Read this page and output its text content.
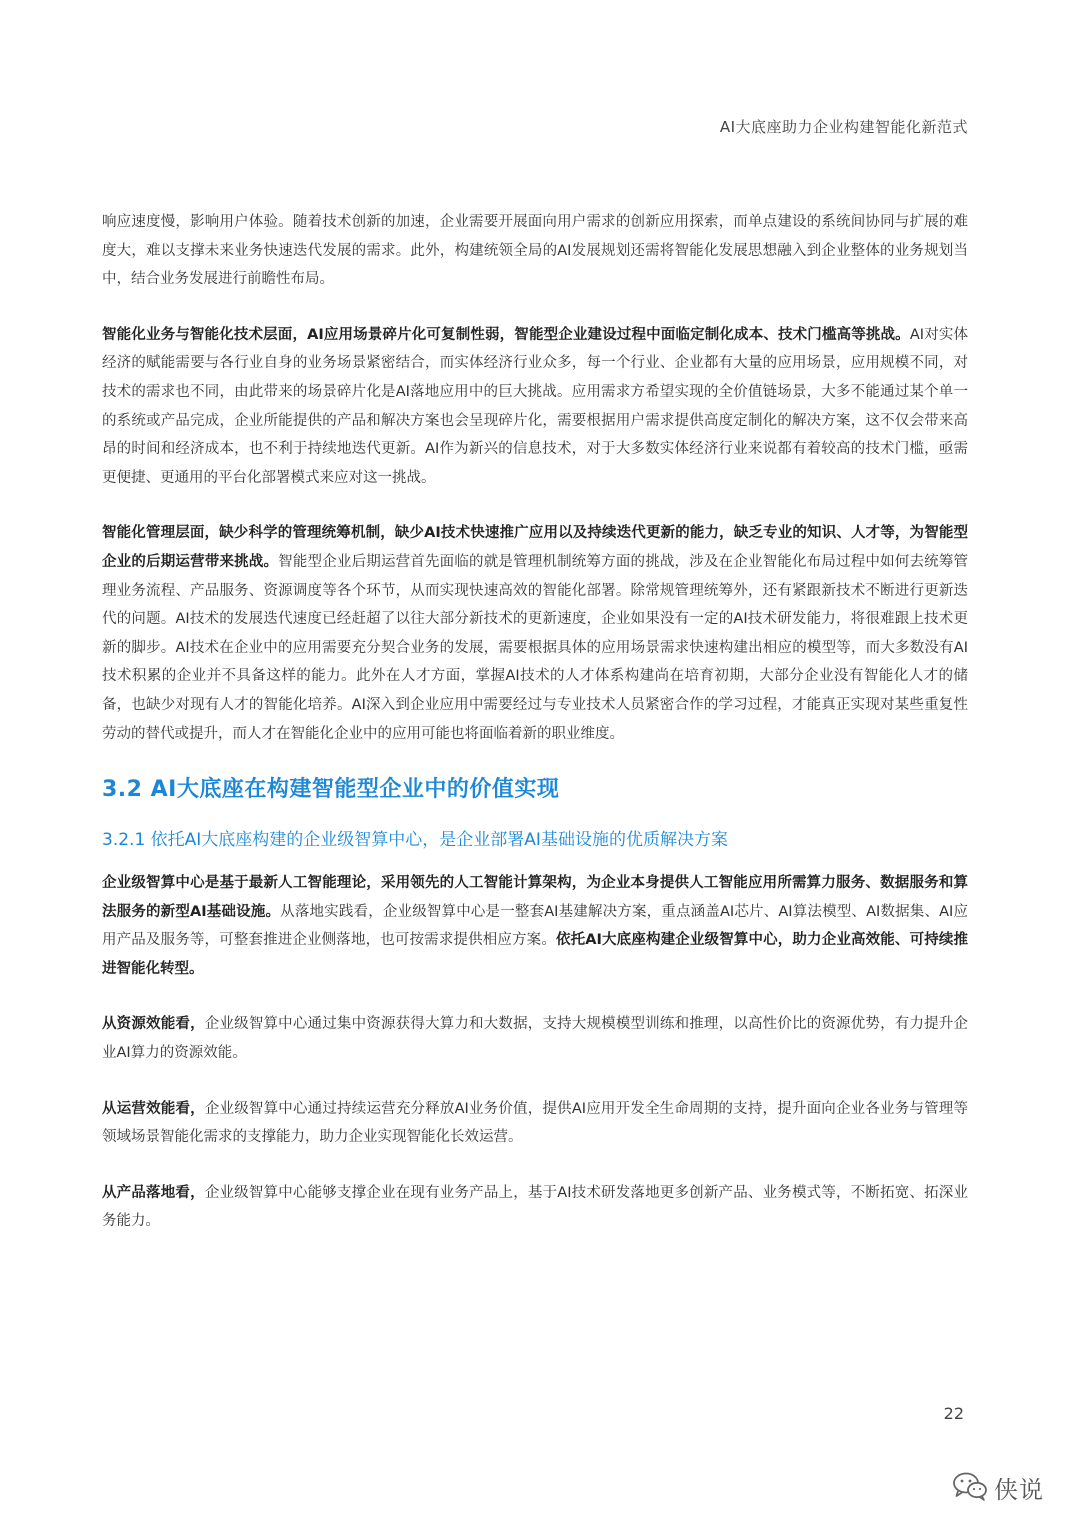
AI大底座助力企业构建智能化新范式

响应速度慢，影响用户体验。随着技术创新的加速，企业需要开展面向用户需求的创新应用探索，而单点建设的系统间协同与扩展的难度大，难以支撑未来业务快速迭代发展的需求。此外，构建统领全局的AI发展规划还需将智能化发展思想融入到企业整体的业务规划当中，结合业务发展进行前瞻性布局。

智能化业务与智能化技术层面，AI应用场景碎片化可复制性弱，智能型企业建设过程中面临定制化成本、技术门槛高等挑战。AI对实体经济的赋能需要与各行业自身的业务场景紧密结合，而实体经济行业众多，每一个行业、企业都有大量的应用场景，应用规模不同，对技术的需求也不同，由此带来的场景碎片化是AI落地应用中的巨大挑战。应用需求方希望实现的全价值链场景，大多不能通过某个单一的系统或产品完成，企业所能提供的产品和解决方案也会呈现碎片化，需要根据用户需求提供高度定制化的解决方案，这不仅会带来高昂的时间和经济成本，也不利于持续地迭代更新。AI作为新兴的信息技术，对于大多数实体经济行业来说都有着较高的技术门槛，亟需更便捷、更通用的平台化部署模式来应对这一挑战。

智能化管理层面，缺少科学的管理统筹机制，缺少AI技术快速推广应用以及持续迭代更新的能力，缺乏专业的知识、人才等，为智能型企业的后期运营带来挑战。智能型企业后期运营首先面临的就是管理机制统筹方面的挑战，涉及在企业智能化布局过程中如何去统筹管理业务流程、产品服务、资源调度等各个环节，从而实现快速高效的智能化部署。除常规管理统筹外，还有紧跟新技术不断进行更新迭代的问题。AI技术的发展迭代速度已经赶超了以往大部分新技术的更新速度，企业如果没有一定的AI技术研发能力，将很难跟上技术更新的脚步。AI技术在企业中的应用需要充分契合业务的发展，需要根据具体的应用场景需求快速构建出相应的模型等，而大多数没有AI技术积累的企业并不具备这样的能力。此外在人才方面，掌握AI技术的人才体系构建尚在培育初期，大部分企业没有智能化人才的储备，也缺少对现有人才的智能化培养。AI深入到企业应用中需要经过与专业技术人员紧密合作的学习过程，才能真正实现对某些重复性劳动的替代或提升，而人才在智能化企业中的应用可能也将面临着新的职业维度。

3.2 AI大底座在构建智能型企业中的价值实现
3.2.1 依托AI大底座构建的企业级智算中心，是企业部署AI基础设施的优质解决方案

企业级智算中心是基于最新人工智能理论，采用领先的人工智能计算架构，为企业本身提供人工智能应用所需算力服务、数据服务和算法服务的新型AI基础设施。从落地实践看，企业级智算中心是一整套AI基建解决方案，重点涵盖AI芯片、AI算法模型、AI数据集、AI应用产品及服务等，可整套推进企业侧落地，也可按需求提供相应方案。依托AI大底座构建企业级智算中心，助力企业高效能、可持续推进智能化转型。

从资源效能看，企业级智算中心通过集中资源获得大算力和大数据，支持大规模模型训练和推理，以高性价比的资源优势，有力提升企业AI算力的资源效能。

从运营效能看，企业级智算中心通过持续运营充分释放AI业务价值，提供AI应用开发全生命周期的支持，提升面向企业各业务与管理等领域场景智能化需求的支撑能力，助力企业实现智能化长效运营。

从产品落地看，企业级智算中心能够支撑企业在现有业务产品上，基于AI技术研发落地更多创新产品、业务模式等，不断拓宽、拓深业务能力。

22
侠说
